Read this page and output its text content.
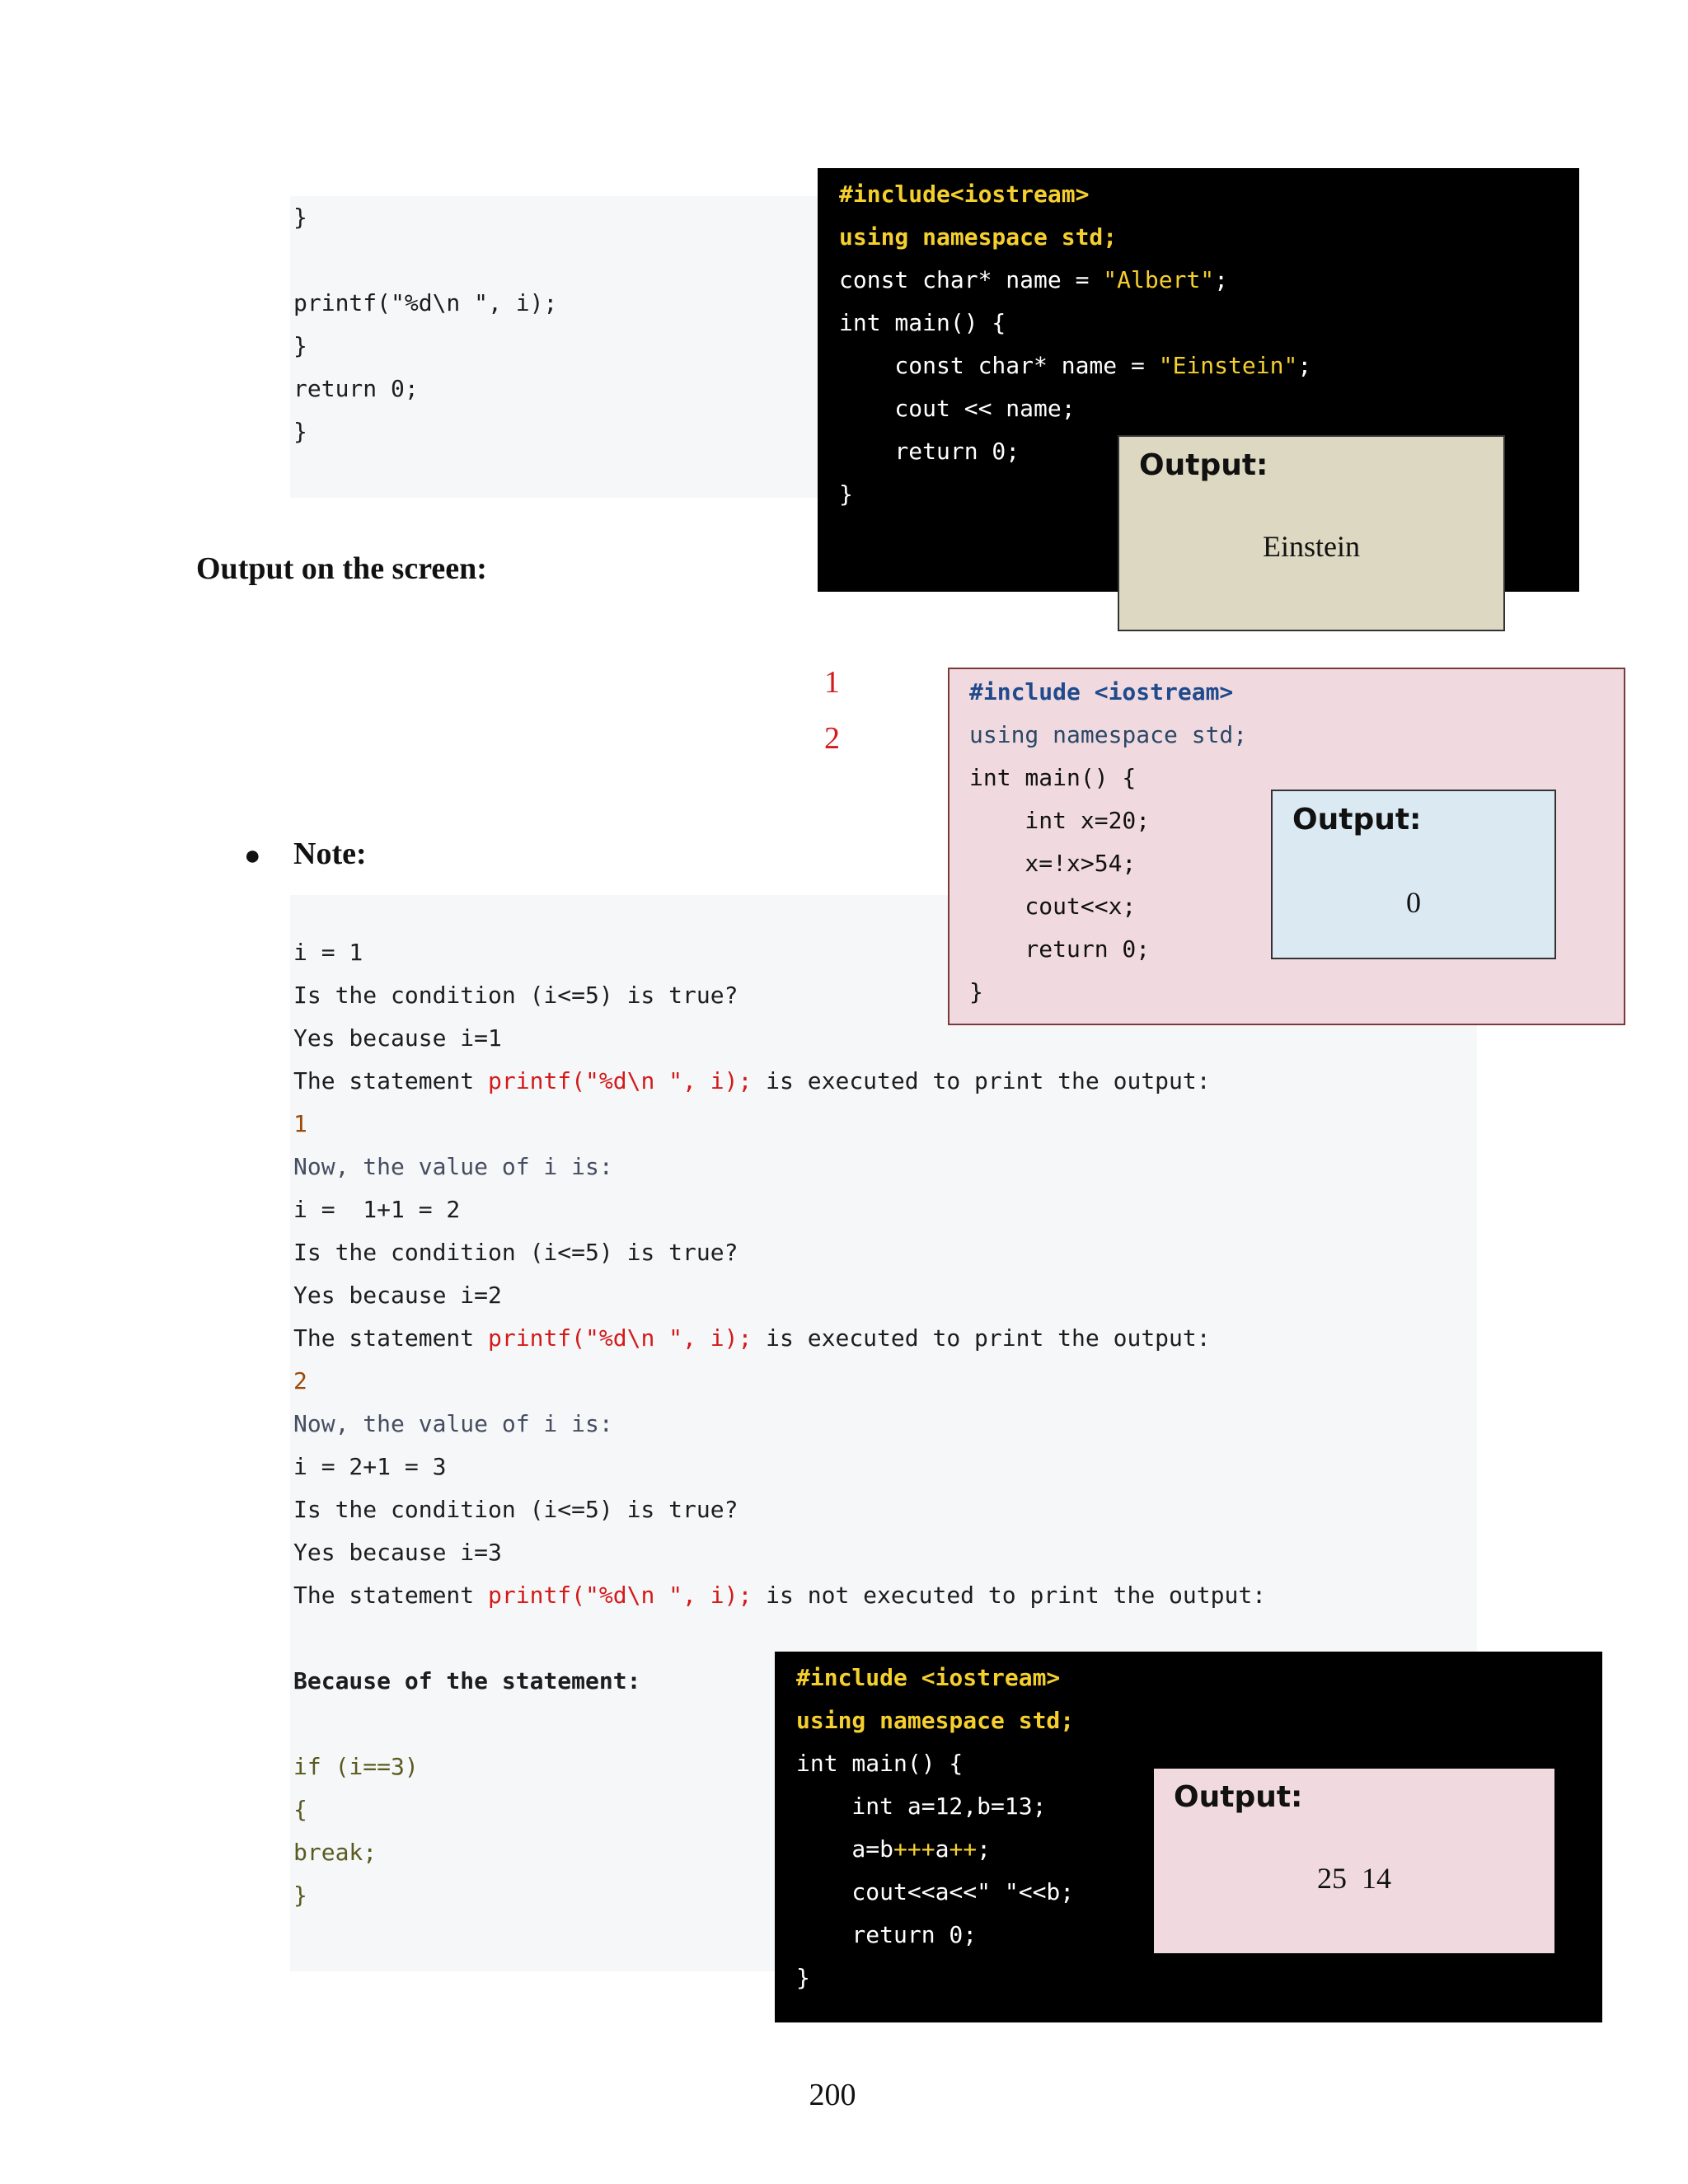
}
printf("%d\n ", i);
}
return 0;
}
Output on the screen:
1
2
● Note:
i = 1
Is the condition (i<=5) is true?
Yes because i=1
The statement printf("%d\n ", i); is executed to print the output:
1
Now, the value of i is:
i =  1+1 = 2
Is the condition (i<=5) is true?
Yes because i=2
The statement printf("%d\n ", i); is executed to print the output:
2
Now, the value of i is:
i = 2+1 = 3
Is the condition (i<=5) is true?
Yes because i=3
The statement printf("%d\n ", i); is not executed to print the output:
Because of the statement:
if (i==3)
{
break;
}
#include<iostream>
using namespace std;
const char* name = "Albert";
int main() {
const char* name = "Einstein";
cout << name;
return 0;
}
Output:
Einstein
#include <iostream>
using namespace std;
int main() {
int x=20;
x=!x>54;
cout<<x;
return 0;
}
Output:
0
#include <iostream>
using namespace std;
int main() {
int a=12,b=13;
a=b+++a++;
cout<<a<<" "<<b;
return 0;
}
Output:
25  14
200
